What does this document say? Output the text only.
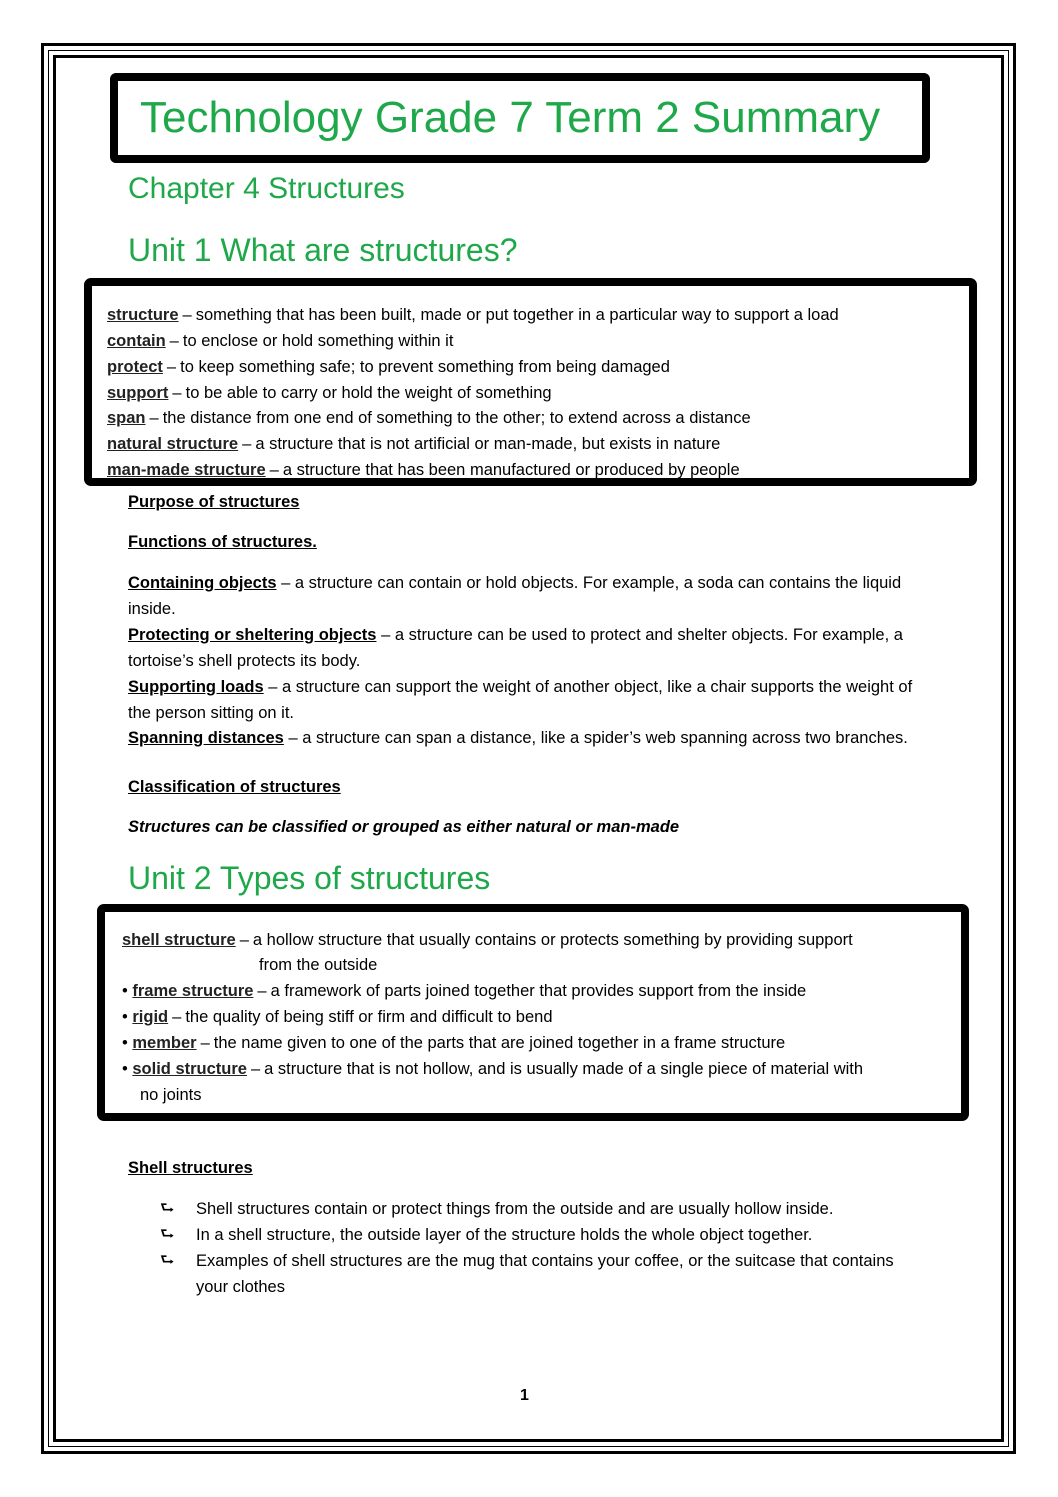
Technology Grade 7 Term 2 Summary
Chapter 4 Structures
Unit 1 What are structures?
structure – something that has been built, made or put together in a particular way to support a load
contain – to enclose or hold something within it
protect – to keep something safe; to prevent something from being damaged
support – to be able to carry or hold the weight of something
span – the distance from one end of something to the other; to extend across a distance
natural structure – a structure that is not artificial or man-made, but exists in nature
man-made structure – a structure that has been manufactured or produced by people
Purpose of structures
Functions of structures.
Containing objects – a structure can contain or hold objects. For example, a soda can contains the liquid inside.
Protecting or sheltering objects – a structure can be used to protect and shelter objects. For example, a tortoise’s shell protects its body.
Supporting loads – a structure can support the weight of another object, like a chair supports the weight of the person sitting on it.
Spanning distances – a structure can span a distance, like a spider’s web spanning across two branches.
Classification of structures
Structures can be classified or grouped as either natural or man-made
Unit 2 Types of structures
shell structure – a hollow structure that usually contains or protects something by providing support
from the outside
• frame structure – a framework of parts joined together that provides support from the inside
• rigid – the quality of being stiff or firm and difficult to bend
• member – the name given to one of the parts that are joined together in a frame structure
• solid structure – a structure that is not hollow, and is usually made of a single piece of material with
no joints
Shell structures
⮑ Shell structures contain or protect things from the outside and are usually hollow inside.
⮑ In a shell structure, the outside layer of the structure holds the whole object together.
⮑ Examples of shell structures are the mug that contains your coffee, or the suitcase that contains your clothes
1
